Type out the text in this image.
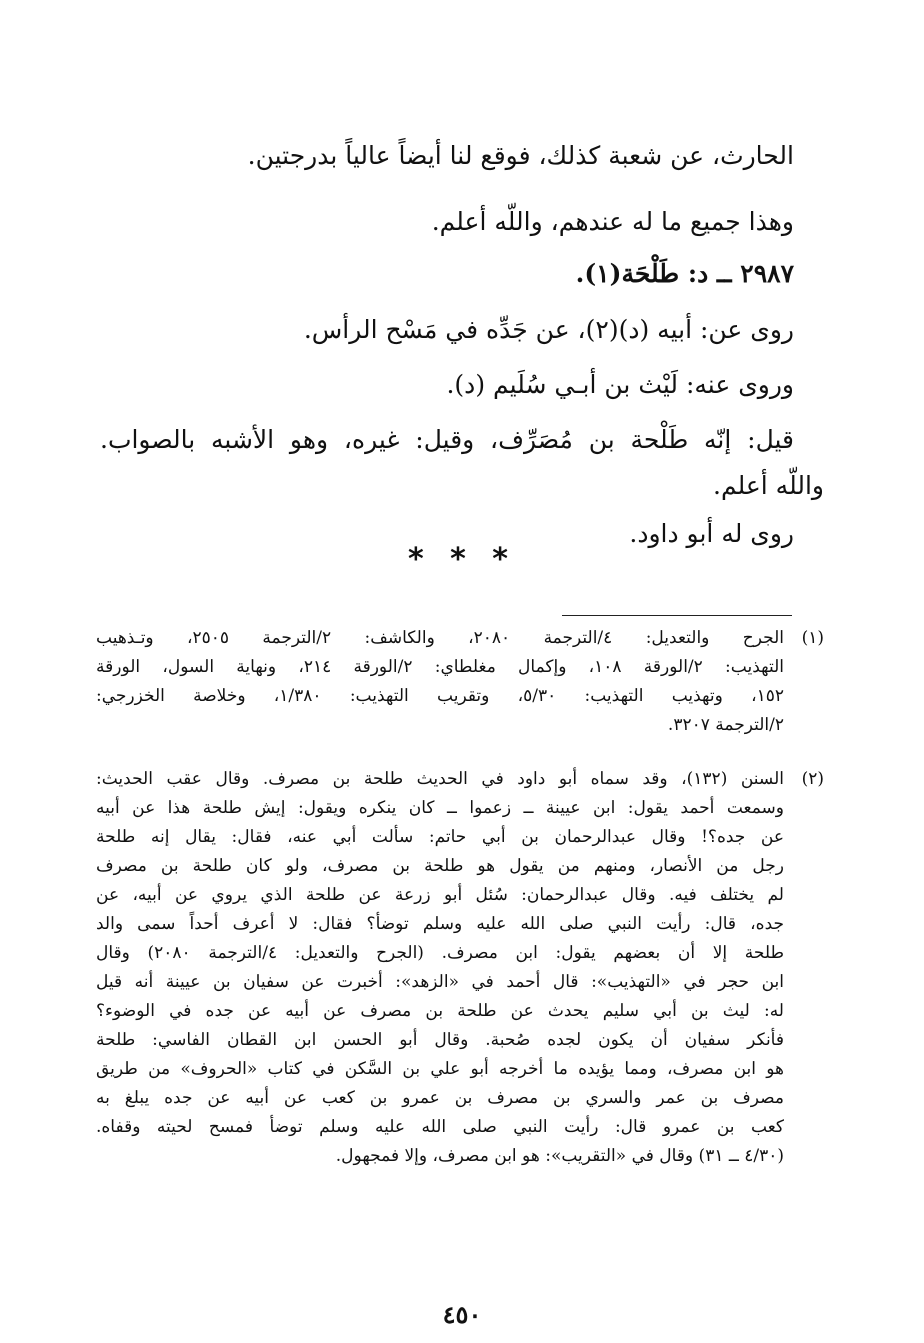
الحارث، عن شعبة كذلك، فوقع لنا أيضاً عالياً بدرجتين.
وهذا جميع ما له عندهم، واللّه أعلم.
٢٩٨٧ ــ د: طَلْحَة(١).
روى عن: أبيه (د)(٢)، عن جَدِّه في مَسْح الرأس.
وروى عنه: لَيْث بن أبـي سُلَيم (د).
قيل: إنّه طَلْحة بن مُصَرِّف، وقيل: غيره، وهو الأشبه بالصواب.
واللّه أعلم.
روى له أبو داود.
* * *
(١)
الجرح والتعديل: ٤/الترجمة ٢٠٨٠، والكاشف: ٢/الترجمة ٢٥٠٥، وتـذهيب
التهذيب: ٢/الورقة ١٠٨، وإكمال مغلطاي: ٢/الورقة ٢١٤، ونهاية السول، الورقة
١٥٢، وتهذيب التهذيب: ٥/٣٠، وتقريب التهذيب: ١/٣٨٠، وخلاصة الخزرجي:
٢/الترجمة ٣٢٠٧.
(٢)
السنن (١٣٢)، وقد سماه أبو داود في الحديث طلحة بن مصرف. وقال عقب الحديث:
وسمعت أحمد يقول: ابن عيينة ــ زعموا ــ كان ينكره ويقول: إيش طلحة هذا عن أبيه
عن جده؟! وقال عبدالرحمان بن أبي حاتم: سألت أبي عنه، فقال: يقال إنه طلحة
رجل من الأنصار، ومنهم من يقول هو طلحة بن مصرف، ولو كان طلحة بن مصرف
لم يختلف فيه. وقال عبدالرحمان: سُئل أبو زرعة عن طلحة الذي يروي عن أبيه، عن
جده، قال: رأيت النبي صلى الله عليه وسلم توضأ؟ فقال: لا أعرف أحداً سمى والد
طلحة إلا أن بعضهم يقول: ابن مصرف. (الجرح والتعديل: ٤/الترجمة ٢٠٨٠) وقال
ابن حجر في «التهذيب»: قال أحمد في «الزهد»: أخبرت عن سفيان بن عيينة أنه قيل
له: ليث بن أبي سليم يحدث عن طلحة بن مصرف عن أبيه عن جده في الوضوء؟
فأنكر سفيان أن يكون لجده صُحبة. وقال أبو الحسن ابن القطان الفاسي: طلحة
هو ابن مصرف، ومما يؤيده ما أخرجه أبو علي بن السَّكن في كتاب «الحروف» من طريق
مصرف بن عمر والسري بن مصرف بن عمرو بن كعب عن أبيه عن جده يبلغ به
كعب بن عمرو قال: رأيت النبي صلى الله عليه وسلم توضأ فمسح لحيته وقفاه.
(٤/٣٠ ــ ٣١) وقال في «التقريب»: هو ابن مصرف، وإلا فمجهول.
٤٥٠
